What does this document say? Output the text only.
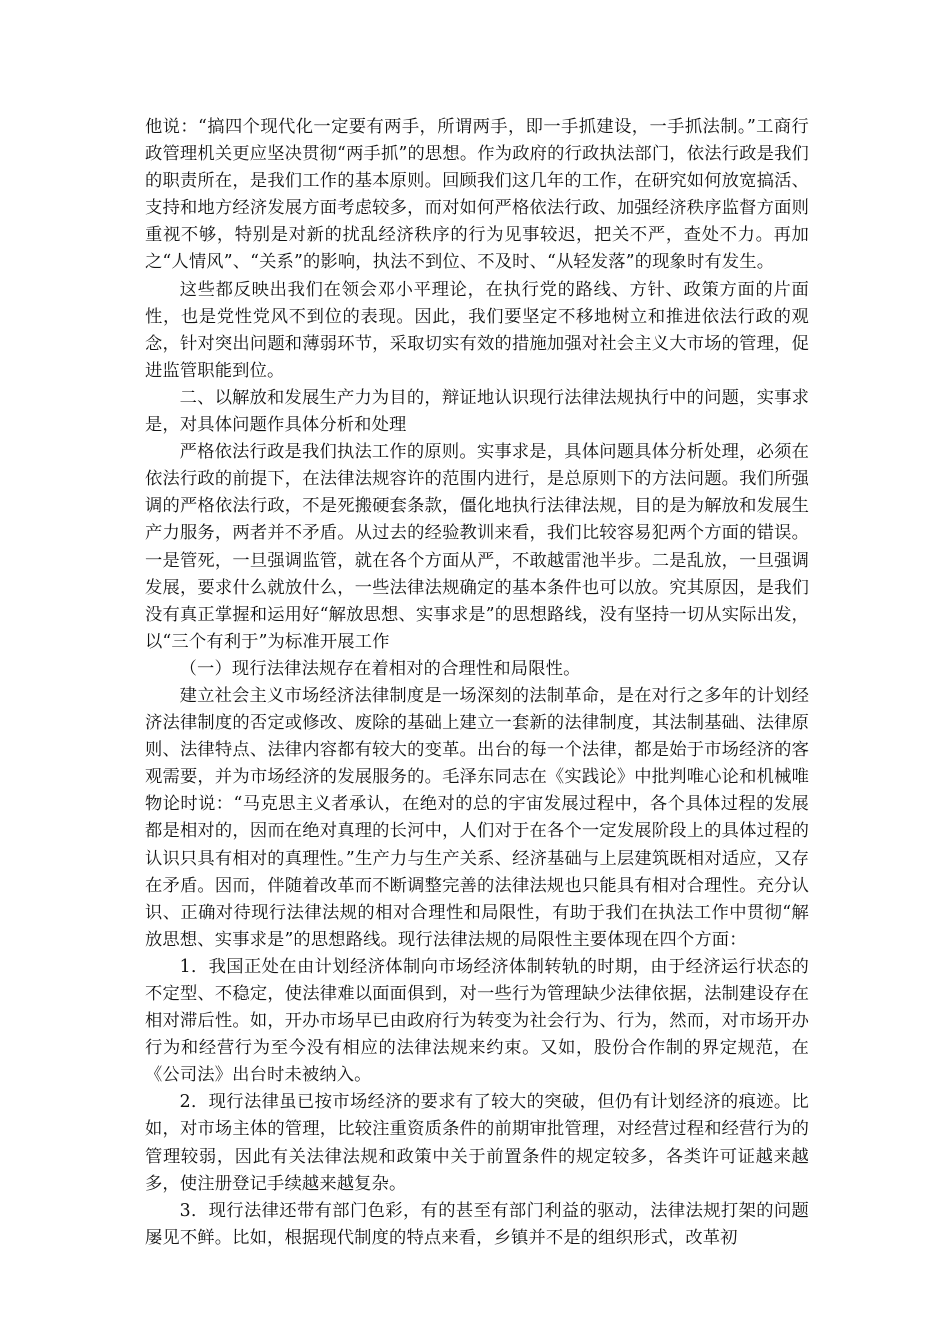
他说：“搞四个现代化一定要有两手，所谓两手，即一手抓建设，一手抓法制。”工商行政管理机关更应坚决贯彻“两手抓”的思想。作为政府的行政执法部门，依法行政是我们的职责所在，是我们工作的基本原则。回顾我们这几年的工作，在研究如何放宽搞活、支持和地方经济发展方面考虑较多，而对如何严格依法行政、加强经济秩序监督方面则重视不够，特别是对新的扰乱经济秩序的行为见事较迟，把关不严，查处不力。再加之“人情风”、“关系”的影响，执法不到位、不及时、“从轻发落”的现象时有发生。

这些都反映出我们在领会邓小平理论，在执行党的路线、方针、政策方面的片面性，也是党性党风不到位的表现。因此，我们要坚定不移地树立和推进依法行政的观念，针对突出问题和薄弱环节，采取切实有效的措施加强对社会主义大市场的管理，促进监管职能到位。

二、以解放和发展生产力为目的，辩证地认识现行法律法规执行中的问题，实事求是，对具体问题作具体分析和处理

严格依法行政是我们执法工作的原则。实事求是，具体问题具体分析处理，必须在依法行政的前提下，在法律法规容许的范围内进行，是总原则下的方法问题。我们所强调的严格依法行政，不是死搬硬套条款，僵化地执行法律法规，目的是为解放和发展生产力服务，两者并不矛盾。从过去的经验教训来看，我们比较容易犯两个方面的错误。一是管死，一旦强调监管，就在各个方面从严，不敢越雷池半步。二是乱放，一旦强调发展，要求什么就放什么，一些法律法规确定的基本条件也可以放。究其原因，是我们没有真正掌握和运用好“解放思想、实事求是”的思想路线，没有坚持一切从实际出发，以“三个有利于”为标准开展工作

（一）现行法律法规存在着相对的合理性和局限性。

建立社会主义市场经济法律制度是一场深刻的法制革命，是在对行之多年的计划经济法律制度的否定或修改、废除的基础上建立一套新的法律制度，其法制基础、法律原则、法律特点、法律内容都有较大的变革。出台的每一个法律，都是始于市场经济的客观需要，并为市场经济的发展服务的。毛泽东同志在《实践论》中批判唯心论和机械唯物论时说：“马克思主义者承认，在绝对的总的宇宙发展过程中，各个具体过程的发展都是相对的，因而在绝对真理的长河中，人们对于在各个一定发展阶段上的具体过程的认识只具有相对的真理性。”生产力与生产关系、经济基础与上层建筑既相对适应，又存在矛盾。因而，伴随着改革而不断调整完善的法律法规也只能具有相对合理性。充分认识、正确对待现行法律法规的相对合理性和局限性，有助于我们在执法工作中贯彻“解放思想、实事求是”的思想路线。现行法律法规的局限性主要体现在四个方面：

1．我国正处在由计划经济体制向市场经济体制转轨的时期，由于经济运行状态的不定型、不稳定，使法律难以面面俱到，对一些行为管理缺少法律依据，法制建设存在相对滞后性。如，开办市场早已由政府行为转变为社会行为、行为，然而，对市场开办行为和经营行为至今没有相应的法律法规来约束。又如，股份合作制的界定规范，在《公司法》出台时未被纳入。

2．现行法律虽已按市场经济的要求有了较大的突破，但仍有计划经济的痕迹。比如，对市场主体的管理，比较注重资质条件的前期审批管理，对经营过程和经营行为的管理较弱，因此有关法律法规和政策中关于前置条件的规定较多，各类许可证越来越多，使注册登记手续越来越复杂。

3．现行法律还带有部门色彩，有的甚至有部门利益的驱动，法律法规打架的问题屡见不鲜。比如，根据现代制度的特点来看，乡镇并不是的组织形式，改革初
